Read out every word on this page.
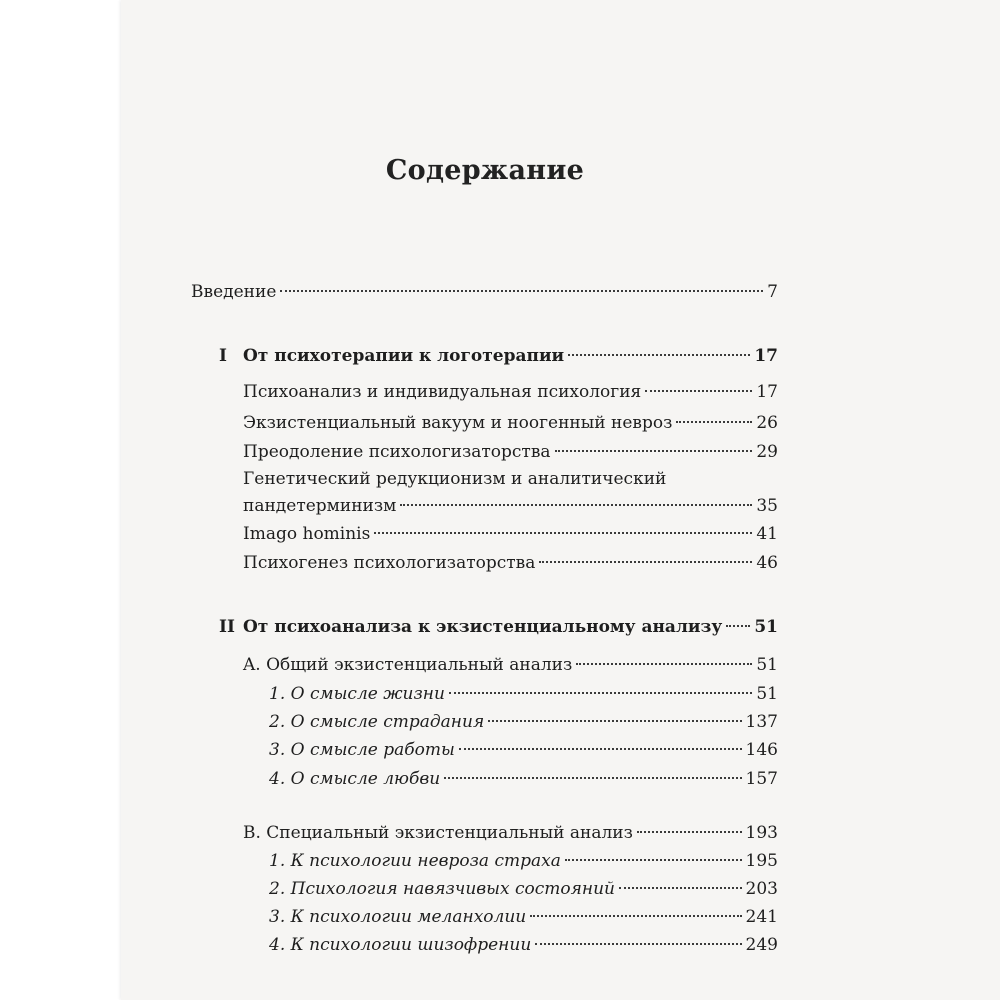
Содержание
Введение	7
I От психотерапии к логотерапии	17
Психоанализ и индивидуальная психология	17
Экзистенциальный вакуум и ноогенный невроз	26
Преодоление психологизаторства	29
Генетический редукционизм и аналитический
пандетерминизм	35
Imago hominis	41
Психогенез психологизаторства	46
II От психоанализа к экзистенциальному анализу 51
A. Общий экзистенциальный анализ	51
1. О смысле жизни	51
2. О смысле страдания	137
3. О смысле работы	146
4. О смысле любви	157
B. Специальный экзистенциальный анализ	193
1. К психологии невроза страха	195
2. Психология навязчивых состояний	203
3. К психологии меланхолии	241
4. К психологии шизофрении	249
